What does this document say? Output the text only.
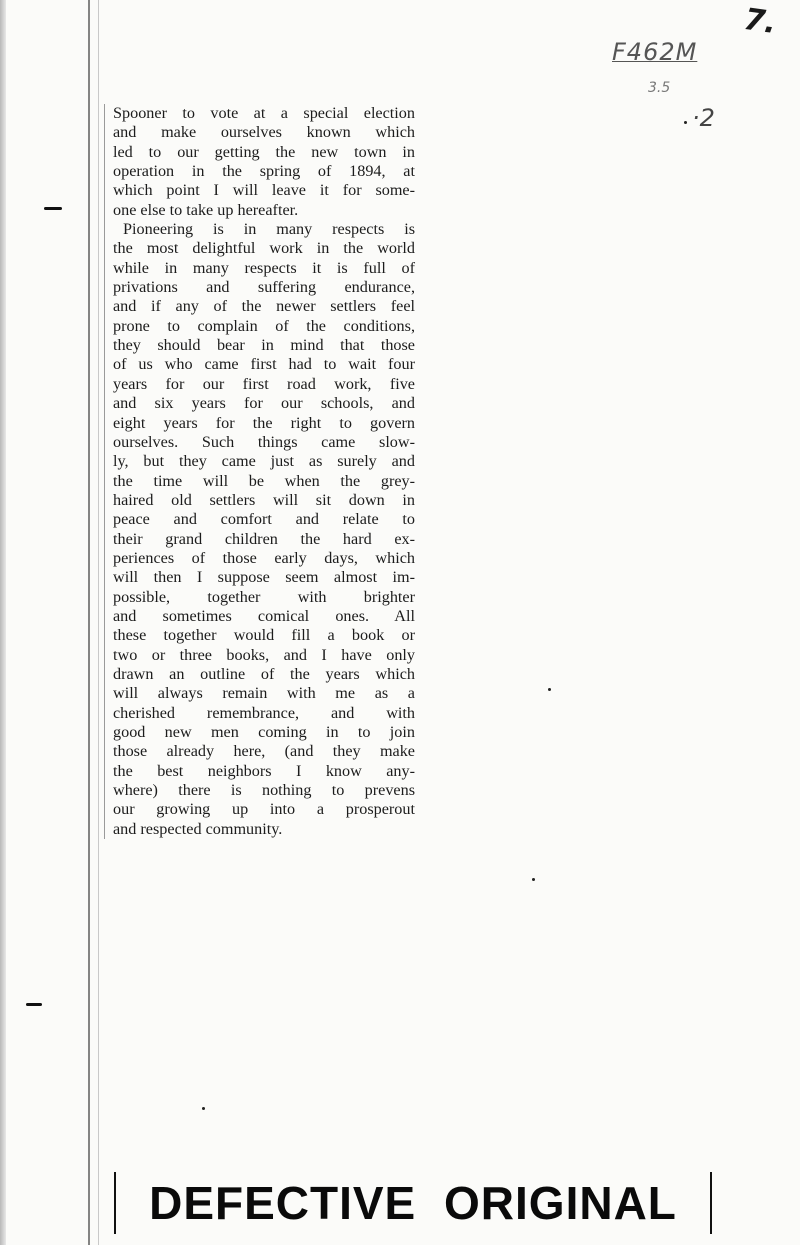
7.
F462M
3.5
·2
Spooner to vote at a special election
and make ourselves known which
led to our getting the new town in
operation in the spring of 1894, at
which point I will leave it for some-
one else to take up hereafter.
Pioneering is in many respects is
the most delightful work in the world
while in many respects it is full of
privations and suffering endurance,
and if any of the newer settlers feel
prone to complain of the conditions,
they should bear in mind that those
of us who came first had to wait four
years for our first road work, five
and six years for our schools, and
eight years for the right to govern
ourselves. Such things came slow-
ly, but they came just as surely and
the time will be when the grey-
haired old settlers will sit down in
peace and comfort and relate to
their grand children the hard ex-
periences of those early days, which
will then I suppose seem almost im-
possible, together with brighter
and sometimes comical ones. All
these together would fill a book or
two or three books, and I have only
drawn an outline of the years which
will always remain with me as a
cherished remembrance, and with
good new men coming in to join
those already here, (and they make
the best neighbors I know any-
where) there is nothing to prevens
our growing up into a prosperout
and respected community.
DEFECTIVE ORIGINAL
